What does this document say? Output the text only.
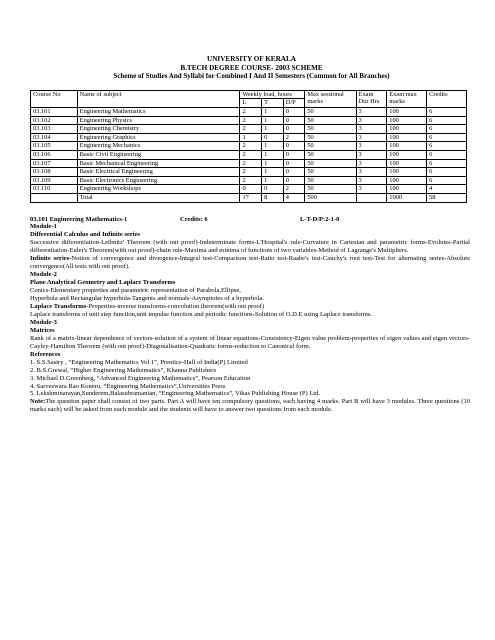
UNIVERSITY OF KERALA
B.TECH DEGREE COURSE- 2003 SCHEME
Scheme of Studies And Syllabi for Combined I And II Semesters (Common for All Branches)
Course No	Name of subject	Weekly load, hours			Max sessional marks	Exam Dur Hrs	Exam max marks	Credits
		L	T	D/P				
03.101	Engineering Mathematics	2	1	0	50	3	100	6
03.102	Engineering Physics	2	1	0	50	3	100	6
03.103	Engineering Chemistry	2	1	0	50	3	100	6
03.104	Engineering Graphics	1	0	2	50	3	100	6
03.105	Engineering Mechanics	2	1	0	50	3	100	6
03.106	Basic Civil Engineering	2	1	0	50	3	100	6
03.107	Basic Mechanical Engineering	2	1	0	50	3	100	6
03.108	Basic Electrical Engineering	2	1	0	50	3	100	6
03.109	Basic Electronics Engineering	2	1	0	50	3	100	6
03.110	Engineering Workshops	0	0	2	50	3	100	4
	Total	17	8	4	500		1000	58
03.101 Engineering Mathematics-1	Credits: 6	L-T-D/P:2-1-0
Module-1
Differential Calculus and Infinite series

Successive differentiation-Leibnitz' Theorem (with out proof)-Indeterminate forms-L'Hospital's rule-Curvature in Cartesian and parametric forms-Evolutes-Partial differentiation-Euler's Theorem(with out proof)-chain rule-Maxima and minima of functions of two variables-Method of Lagrange's Multipliers.

Infinite series-Notion of convergence and divergence-Integral test-Comparison test-Ratio test-Raabe's test-Cauchy's root test-Test for alternating series-Absolute convergence(All tests with out proof).

Module-2
Plane Analytical Geometry and Laplace Transforms

Conics-Elementary properties and parametric representation of Parabola,Ellipse,

Hyperbola and Rectangular hyperbola-Tangents and normals-Asymptotes of a hyperbola.

Laplace Transforms-Properties-inverse transforms-convolution theorem(with out proof)

Laplace transforms of unit step function,unit impulse function and periodic functions-Solution of O.D.E using Laplace transforms.

Module-3
Matrices

Rank of a matrix-linear dependence of vectors-solution of a system of linear equations-Consistency-Eigen value problem-properties of eigen values and eigen vectors-Cayley-Hamilton Theorem (with out proof)-Diagonalisation-Quadratic forms-reduction to Canonical form.

References
1. S.S.Sastry , “Engineering Mathematics Vol 1”, Prentice-Hall of India(P) Limited
2. B.S.Grewal, “Higher Engineering Mathematics”, Khanna Publishers
3. Michael D.Greenberg, “Advanced Engineering Mathematics”, Pearson Education
4. Sarveswara Rao Koneru, “Engineering Mathematics”,Universities Press
5. Lekshminarayan,Sunderem,Balasubramanian, “Engineering Mathematics”, Vikas Publishing House (P) Ltd.

Note:The question paper shall consist of two parts. Part A will have ten compulsory questions, each having 4 marks. Part B will have 3 modules. Three questions (10 marks each) will be asked from each module and the students will have to answer two questions from each module.
